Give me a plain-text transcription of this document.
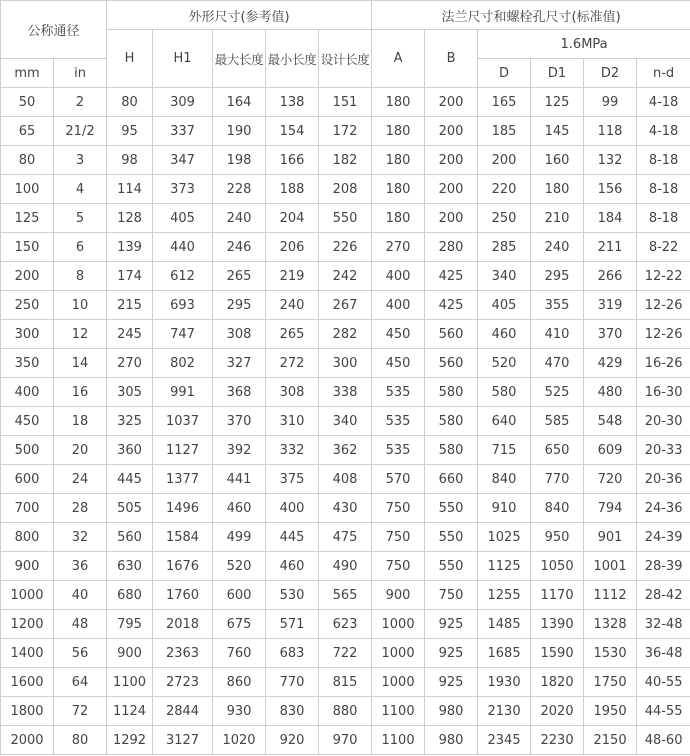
公称通径		外形尺寸(参考值)					法兰尺寸和螺栓孔尺寸(标准值)					
		H	H1	最大长度	最小长度	设计长度	A	B	1.6MPa			
mm	in								D	D1	D2	n-d
50	2	80	309	164	138	151	180	200	165	125	99	4-18
65	21/2	95	337	190	154	172	180	200	185	145	118	4-18
80	3	98	347	198	166	182	180	200	200	160	132	8-18
100	4	114	373	228	188	208	180	200	220	180	156	8-18
125	5	128	405	240	204	550	180	200	250	210	184	8-18
150	6	139	440	246	206	226	270	280	285	240	211	8-22
200	8	174	612	265	219	242	400	425	340	295	266	12-22
250	10	215	693	295	240	267	400	425	405	355	319	12-26
300	12	245	747	308	265	282	450	560	460	410	370	12-26
350	14	270	802	327	272	300	450	560	520	470	429	16-26
400	16	305	991	368	308	338	535	580	580	525	480	16-30
450	18	325	1037	370	310	340	535	580	640	585	548	20-30
500	20	360	1127	392	332	362	535	580	715	650	609	20-33
600	24	445	1377	441	375	408	570	660	840	770	720	20-36
700	28	505	1496	460	400	430	750	550	910	840	794	24-36
800	32	560	1584	499	445	475	750	550	1025	950	901	24-39
900	36	630	1676	520	460	490	750	550	1125	1050	1001	28-39
1000	40	680	1760	600	530	565	900	750	1255	1170	1112	28-42
1200	48	795	2018	675	571	623	1000	925	1485	1390	1328	32-48
1400	56	900	2363	760	683	722	1000	925	1685	1590	1530	36-48
1600	64	1100	2723	860	770	815	1000	925	1930	1820	1750	40-55
1800	72	1124	2844	930	830	880	1100	980	2130	2020	1950	44-55
2000	80	1292	3127	1020	920	970	1100	980	2345	2230	2150	48-60
